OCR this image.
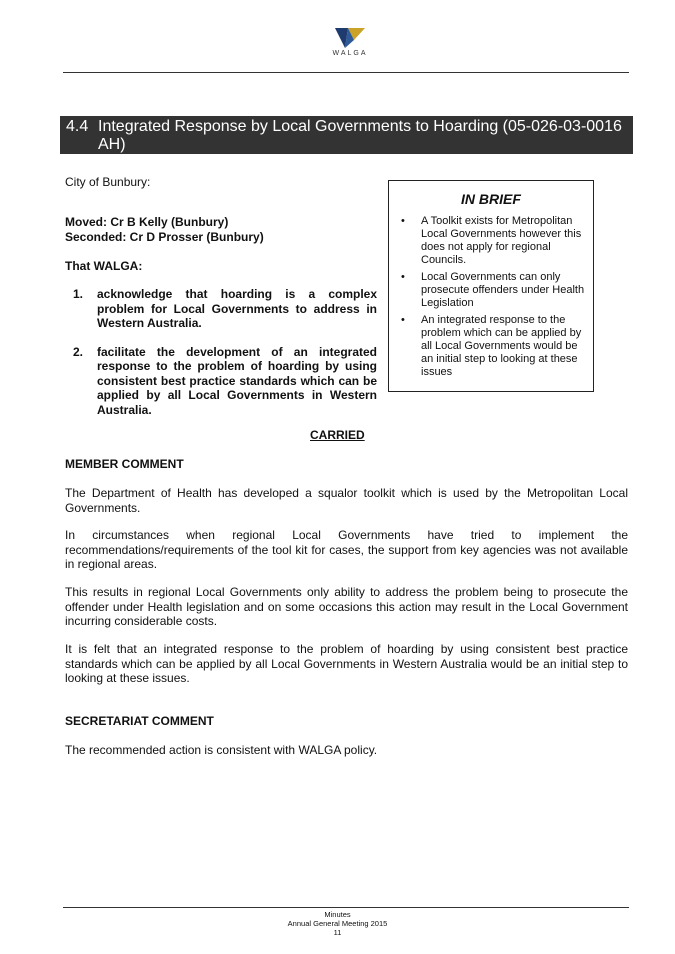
WALGA
4.4 Integrated Response by Local Governments to Hoarding (05-026-03-0016 AH)
City of Bunbury:
Moved: Cr B Kelly (Bunbury)
Seconded: Cr D Prosser (Bunbury)
That WALGA:
1.	acknowledge that hoarding is a complex problem for Local Governments to address in Western Australia.
2.	facilitate the development of an integrated response to the problem of hoarding by using consistent best practice standards which can be applied by all Local Governments in Western Australia.
CARRIED
IN BRIEF
•	A Toolkit exists for Metropolitan Local Governments however this does not apply for regional Councils.
•	Local Governments can only prosecute offenders under Health Legislation
•	An integrated response to the problem which can be applied by all Local Governments would be an initial step to looking at these issues
MEMBER COMMENT
The Department of Health has developed a squalor toolkit which is used by the Metropolitan Local Governments.
In circumstances when regional Local Governments have tried to implement the recommendations/requirements of the tool kit for cases, the support from key agencies was not available in regional areas.
This results in regional Local Governments only ability to address the problem being to prosecute the offender under Health legislation and on some occasions this action may result in the Local Government incurring considerable costs.
It is felt that an integrated response to the problem of hoarding by using consistent best practice standards which can be applied by all Local Governments in Western Australia would be an initial step to looking at these issues.
SECRETARIAT COMMENT
The recommended action is consistent with WALGA policy.
Minutes
Annual General Meeting 2015
11
